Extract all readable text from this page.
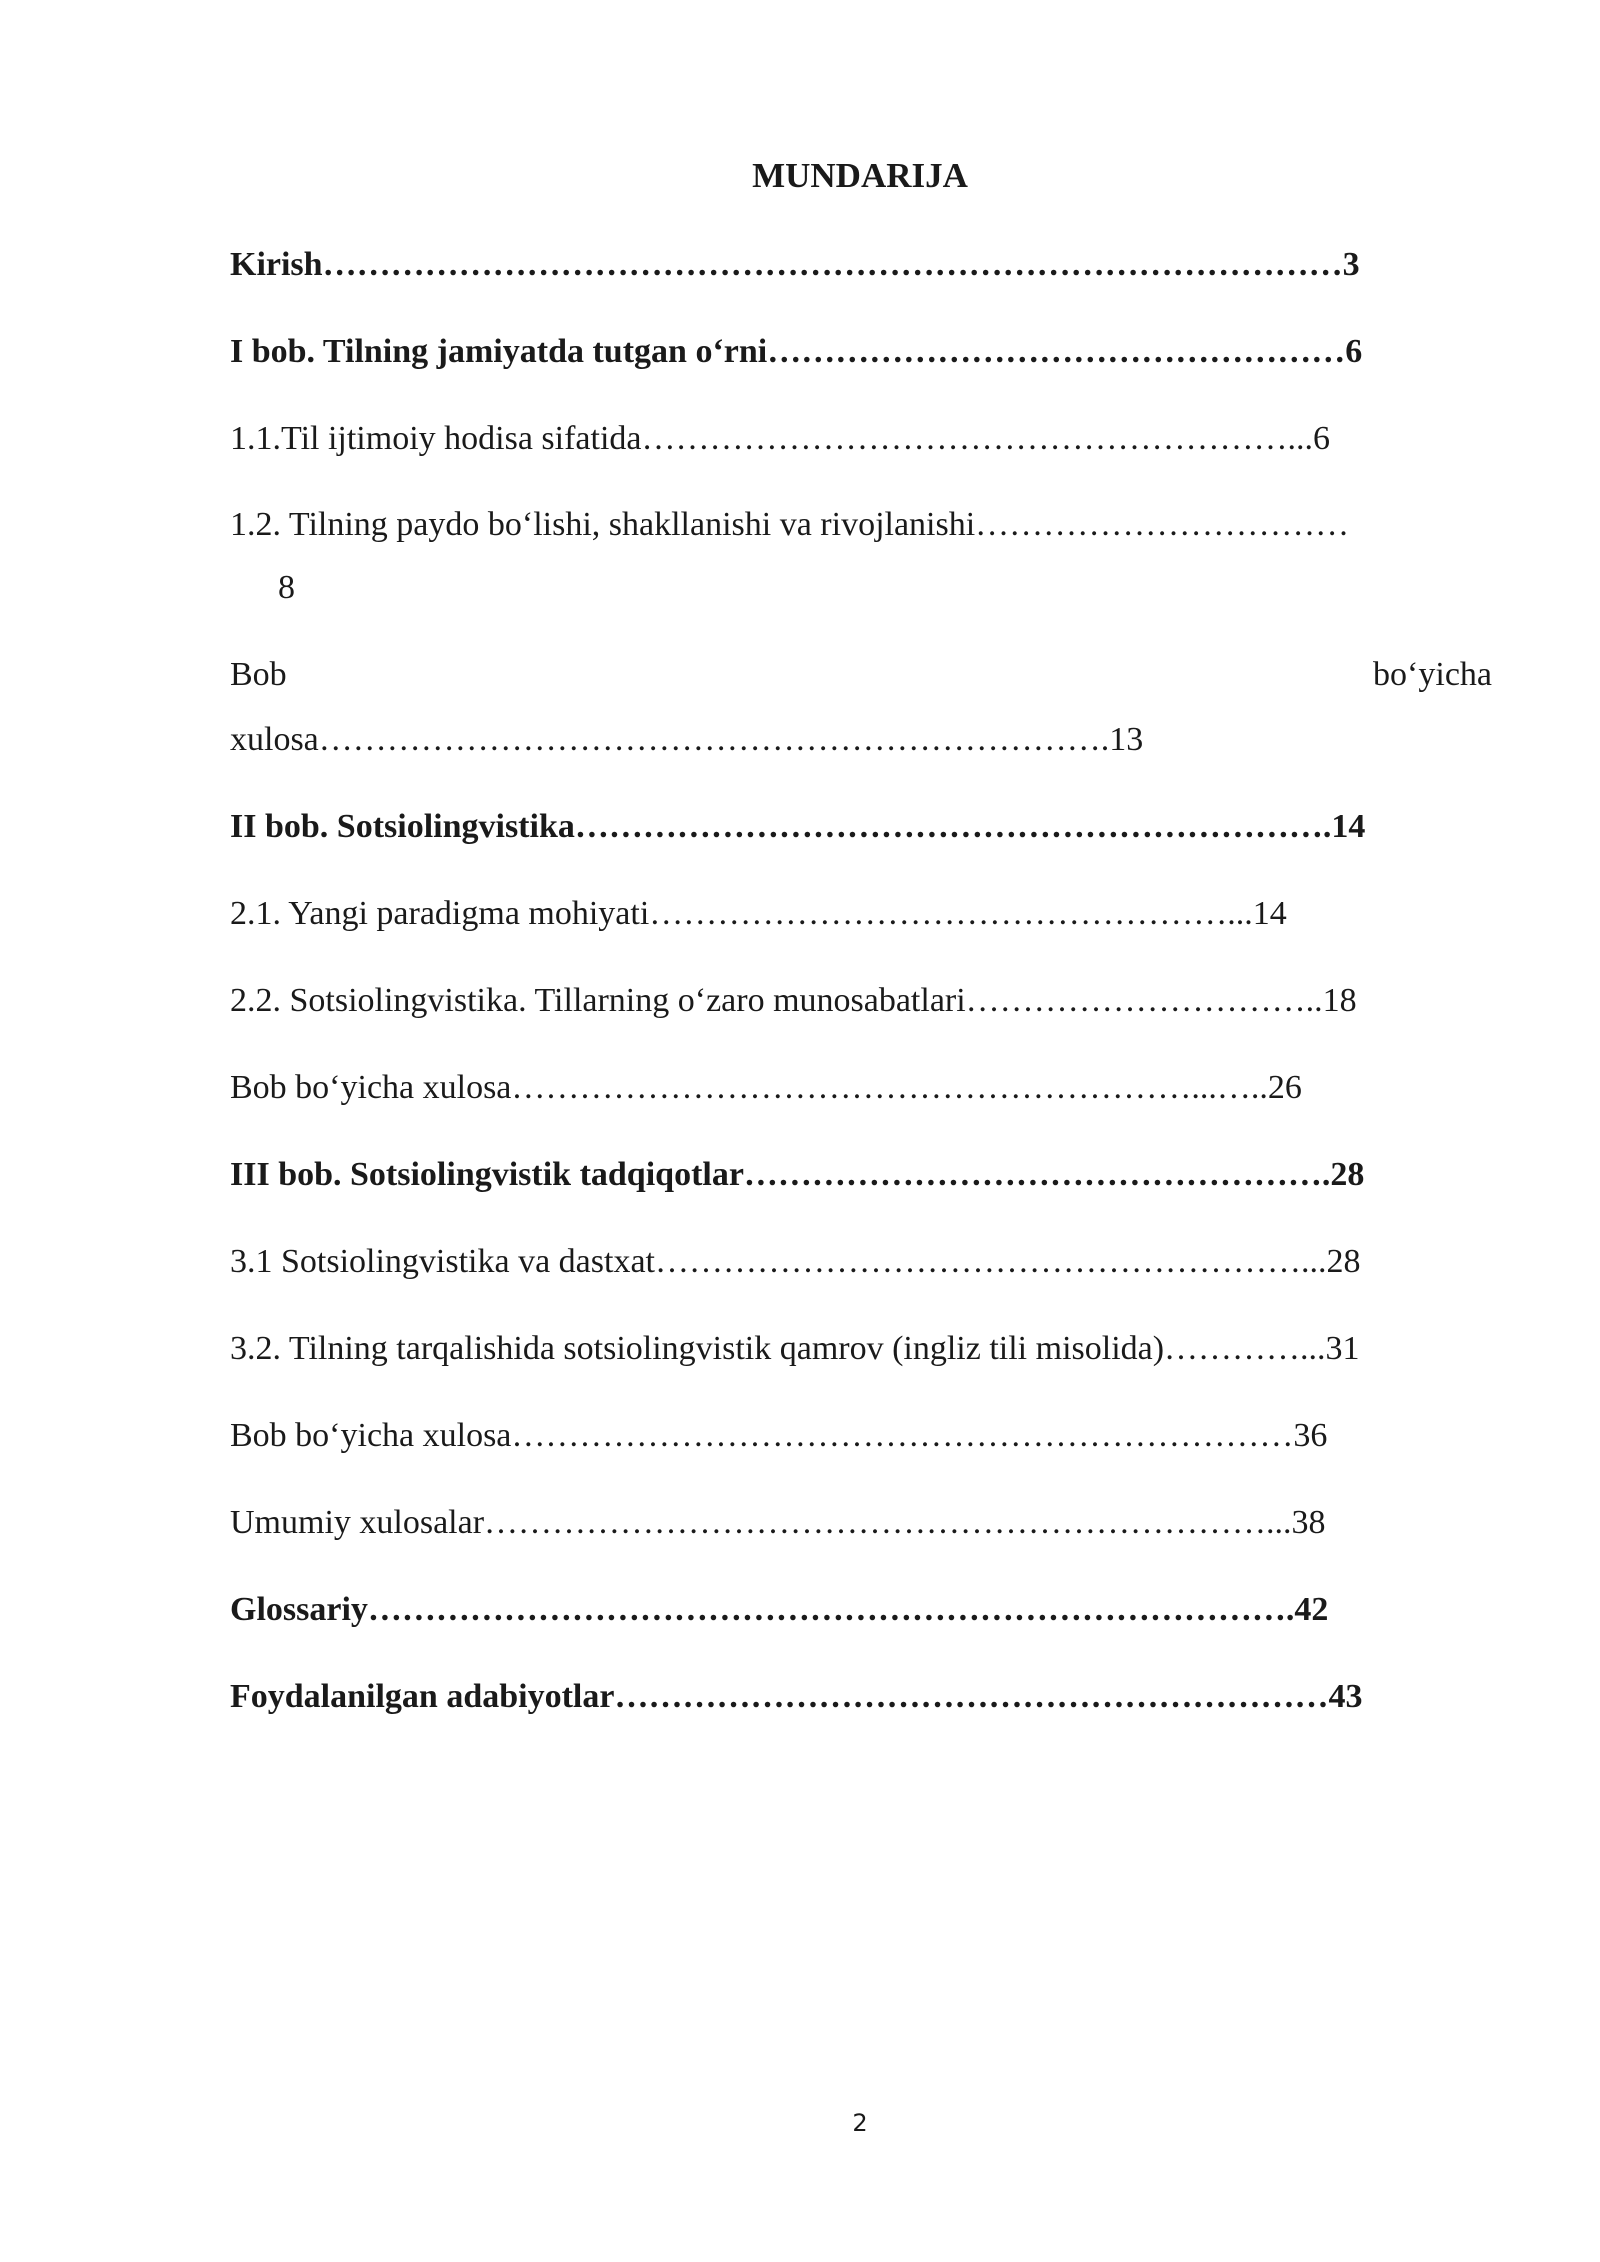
MUNDARIJA
Kirish………………………………………………………………………………3
I bob. Tilning jamiyatda tutgan o‘rni……………………………………………6
1.1.Til ijtimoiy hodisa sifatida…………………………………………………...6
1.2. Tilning paydo bo‘lishi, shakllanishi va rivojlanishi……………………………
8
Bob	bo‘yicha
xulosa…………………………………………………………….13
II bob. Sotsiolingvistika………………………………………………………….14
2.1. Yangi paradigma mohiyati……………………………………………...14
2.2. Sotsiolingvistika. Tillarning o‘zaro munosabatlari…………………………..18
Bob bo‘yicha xulosa……………………………………………………...…..26
III bob. Sotsiolingvistik tadqiqotlar…………………………………………….28
3.1 Sotsiolingvistika va dastxat…………………………………………………...28
3.2. Tilning tarqalishida sotsiolingvistik qamrov (ingliz tili misolida)…………...31
Bob bo‘yicha xulosa……………………………………………………………36
Umumiy xulosalar……………………………………………………………...38
Glossariy……………………………………………………………………….42
Foydalanilgan adabiyotlar………………………………………………………43
2
